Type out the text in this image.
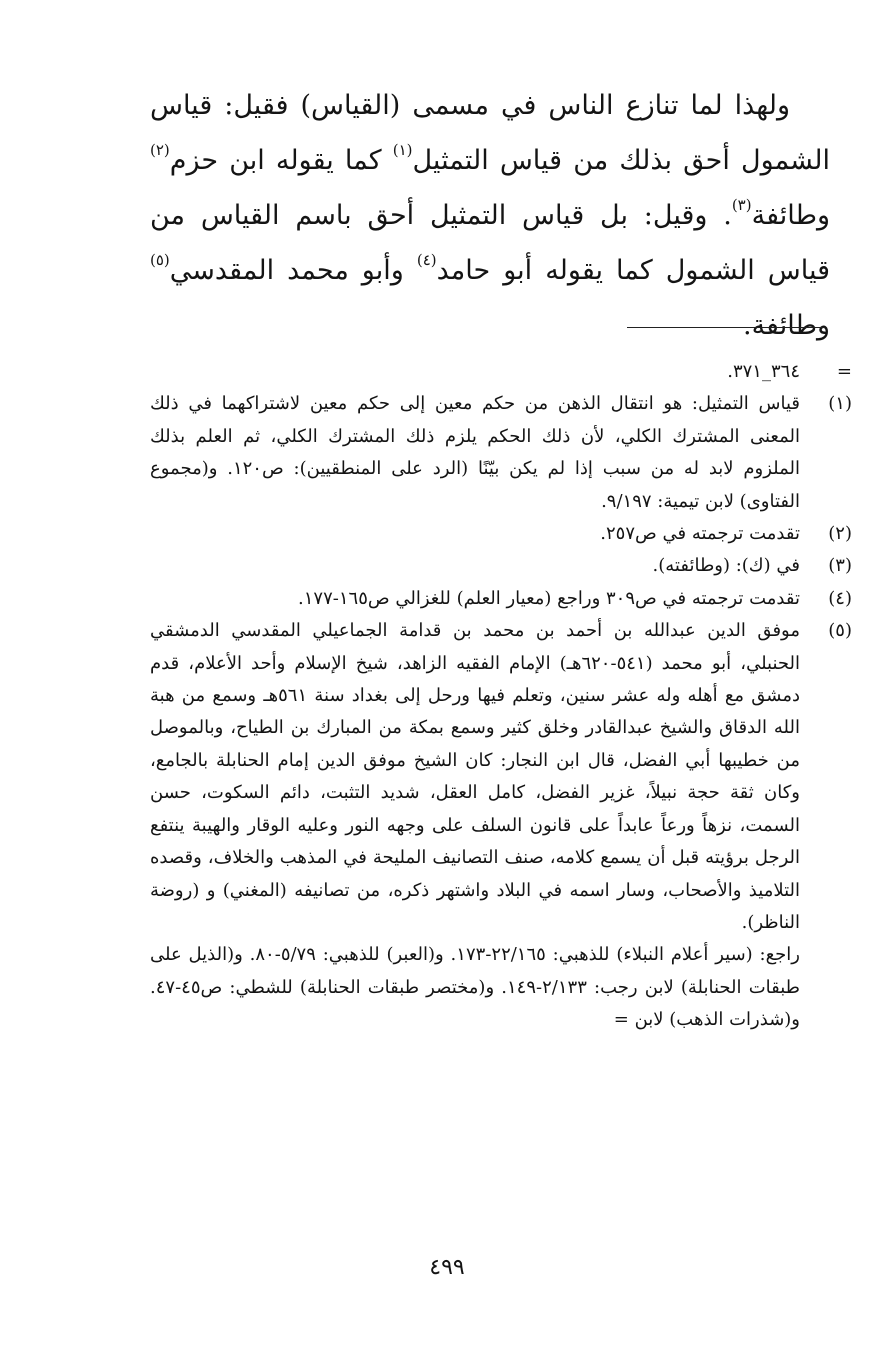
ولهذا لما تنازع الناس في مسمى (القياس) فقيل: قياس الشمول أحق بذلك من قياس التمثيل$^{(١)}$ كما يقوله ابن حزم$^{(٢)}$ وطائفة$^{(٣)}$. وقيل: بل قياس التمثيل أحق باسم القياس من قياس الشمول كما يقوله أبو حامد$^{(٤)}$ وأبو محمد المقدسي$^{(٥)}$ وطائفة.

=
٣٦٤_٣٧١.
(١)
قياس التمثيل: هو انتقال الذهن من حكم معين إلى حكم معين لاشتراكهما في ذلك المعنى المشترك الكلي، لأن ذلك الحكم يلزم ذلك المشترك الكلي، ثم العلم بذلك الملزوم لابد له من سبب إذا لم يكن بيّنًا (الرد على المنطقيين): ص١٢٠. و(مجموع الفتاوى) لابن تيمية: ٩/١٩٧.
(٢)
تقدمت ترجمته في ص٢٥٧.
(٣)
في (ك): (وطائفته).
(٤)
تقدمت ترجمته في ص٣٠٩ وراجع (معيار العلم) للغزالي ص١٦٥-١٧٧.
(٥)
موفق الدين عبدالله بن أحمد بن محمد بن قدامة الجماعيلي المقدسي الدمشقي الحنبلي، أبو محمد (٥٤١-٦٢٠هـ) الإمام الفقيه الزاهد، شيخ الإسلام وأحد الأعلام، قدم دمشق مع أهله وله عشر سنين، وتعلم فيها ورحل إلى بغداد سنة ٥٦١هـ وسمع من هبة الله الدقاق والشيخ عبدالقادر وخلق كثير وسمع بمكة من المبارك بن الطياح، وبالموصل من خطيبها أبي الفضل، قال ابن النجار: كان الشيخ موفق الدين إمام الحنابلة بالجامع، وكان ثقة حجة نبيلاً، غزير الفضل، كامل العقل، شديد التثبت، دائم السكوت، حسن السمت، نزهاً ورعاً عابداً على قانون السلف على وجهه النور وعليه الوقار والهيبة ينتفع الرجل برؤيته قبل أن يسمع كلامه، صنف التصانيف المليحة في المذهب والخلاف، وقصده التلاميذ والأصحاب، وسار اسمه في البلاد واشتهر ذكره، من تصانيفه (المغني) و (روضة الناظر).
راجع: (سير أعلام النبلاء) للذهبي: ٢٢/١٦٥-١٧٣. و(العبر) للذهبي: ٥/٧٩-٨٠. و(الذيل على طبقات الحنابلة) لابن رجب: ٢/١٣٣-١٤٩. و(مختصر طبقات الحنابلة) للشطي: ص٤٥-٤٧. و(شذرات الذهب) لابن =
٤٩٩
